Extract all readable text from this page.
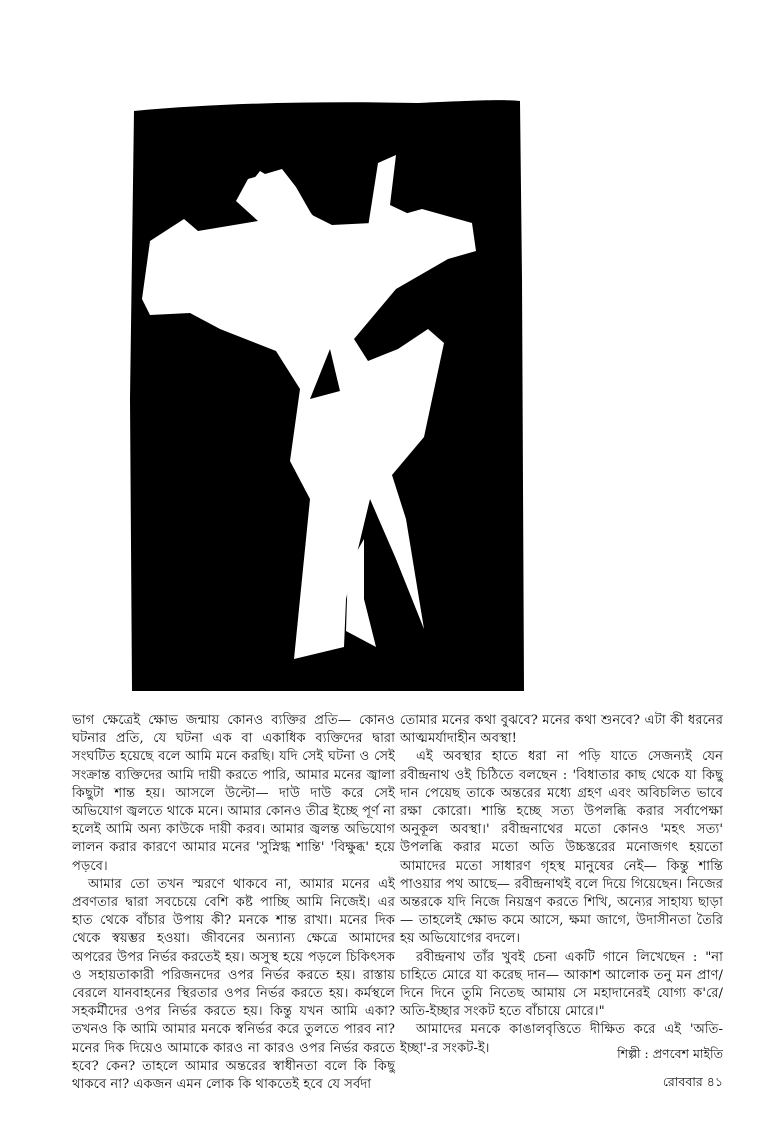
ভাগ ক্ষেত্রেই ক্ষোভ জন্মায় কোনও ব্যক্তির প্রতি— কোনও ঘটনার প্রতি, যে ঘটনা এক বা একাধিক ব্যক্তিদের দ্বারা সংঘটিত হয়েছে বলে আমি মনে করছি। যদি সেই ঘটনা ও সেই সংক্রান্ত ব্যক্তিদের আমি দায়ী করতে পারি, আমার মনের জ্বালা কিছুটা শান্ত হয়। আসলে উল্টো— দাউ দাউ করে সেই অভিযোগ জ্বলতে থাকে মনে। আমার কোনও তীব্র ইচ্ছে পূর্ণ না হলেই আমি অন্য কাউকে দায়ী করব। আমার জ্বলন্ত অভিযোগ লালন করার কারণে আমার মনের 'সুস্নিগ্ধ শান্তি' 'বিক্ষুব্ধ' হয়ে পড়বে।

আমার তো তখন স্মরণে থাকবে না, আমার মনের এই প্রবণতার দ্বারা সবচেয়ে বেশি কষ্ট পাচ্ছি আমি নিজেই। এর হাত থেকে বাঁচার উপায় কী? মনকে শান্ত রাখা। মনের দিক থেকে স্বয়ম্ভর হওয়া। জীবনের অন্যান্য ক্ষেত্রে আমাদের অপরের উপর নির্ভর করতেই হয়। অসুস্থ হয়ে পড়লে চিকিৎসক ও সহায়তাকারী পরিজনদের ওপর নির্ভর করতে হয়। রাস্তায় বেরলে যানবাহনের স্থিরতার ওপর নির্ভর করতে হয়। কর্মস্থলে সহকর্মীদের ওপর নির্ভর করতে হয়। কিন্তু যখন আমি একা? তখনও কি আমি আমার মনকে স্বনির্ভর করে তুলতে পারব না? মনের দিক দিয়েও আমাকে কারও না কারও ওপর নির্ভর করতে হবে? কেন? তাহলে আমার অন্তরের স্বাধীনতা বলে কি কিছু থাকবে না? একজন এমন লোক কি থাকতেই হবে যে সর্বদা

তোমার মনের কথা বুঝবে? মনের কথা শুনবে? এটা কী ধরনের আত্মমর্যাদাহীন অবস্থা!

এই অবস্থার হাতে ধরা না পড়ি যাতে সেজন্যই যেন রবীন্দ্রনাথ ওই চিঠিতে বলছেন : 'বিধাতার কাছ থেকে যা কিছু দান পেয়েছ তাকে অন্তরের মধ্যে গ্রহণ এবং অবিচলিত ভাবে রক্ষা কোরো। শান্তি হচ্ছে সত্য উপলব্ধি করার সর্বাপেক্ষা অনুকূল অবস্থা।' রবীন্দ্রনাথের মতো কোনও 'মহৎ সত্য' উপলব্ধি করার মতো অতি উচ্চস্তরের মনোজগৎ হয়তো আমাদের মতো সাধারণ গৃহস্থ মানুষের নেই— কিন্তু শান্তি পাওয়ার পথ আছে— রবীন্দ্রনাথই বলে দিয়ে গিয়েছেন। নিজের অন্তরকে যদি নিজে নিয়ন্ত্রণ করতে শিখি, অন্যের সাহায্য ছাড়া— তাহলেই ক্ষোভ কমে আসে, ক্ষমা জাগে, উদাসীনতা তৈরি হয় অভিযোগের বদলে।

রবীন্দ্রনাথ তাঁর খুবই চেনা একটি গানে লিখেছেন : "না চাহিতে মোরে যা করেছ দান— আকাশ আলোক তনু মন প্রাণ/ দিনে দিনে তুমি নিতেছ আমায় সে মহাদানেরই যোগ্য ক'রে/ অতি-ইচ্ছার সংকট হতে বাঁচায়ে মোরে।"

আমাদের মনকে কাঙালবৃত্তিতে দীক্ষিত করে এই 'অতি-ইচ্ছা'-র সংকট-ই।	শিল্পী : প্রণবেশ মাইতি
রোববার ৪১
